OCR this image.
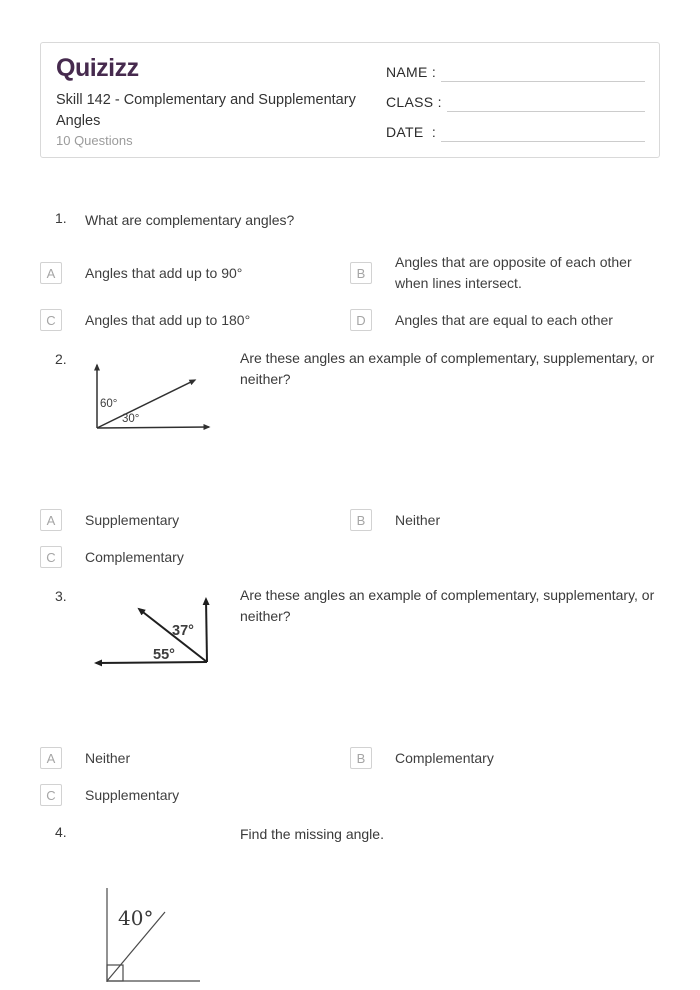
Quizizz
Skill 142 - Complementary and Supplementary Angles
10 Questions
NAME :
CLASS :
DATE  :
1. What are complementary angles?
A	Angles that add up to 90°	B
Angles that are opposite of each other when lines intersect.
C	Angles that add up to 180°	D	Angles that are equal to each other
2.
60°
30°
Are these angles an example of complementary, supplementary, or neither?
A	Supplementary	B	Neither
C	Complementary
3.
37°
55°
Are these angles an example of complementary, supplementary, or neither?
A	Neither	B	Complementary
C	Supplementary
4.	Find the missing angle.
40°
